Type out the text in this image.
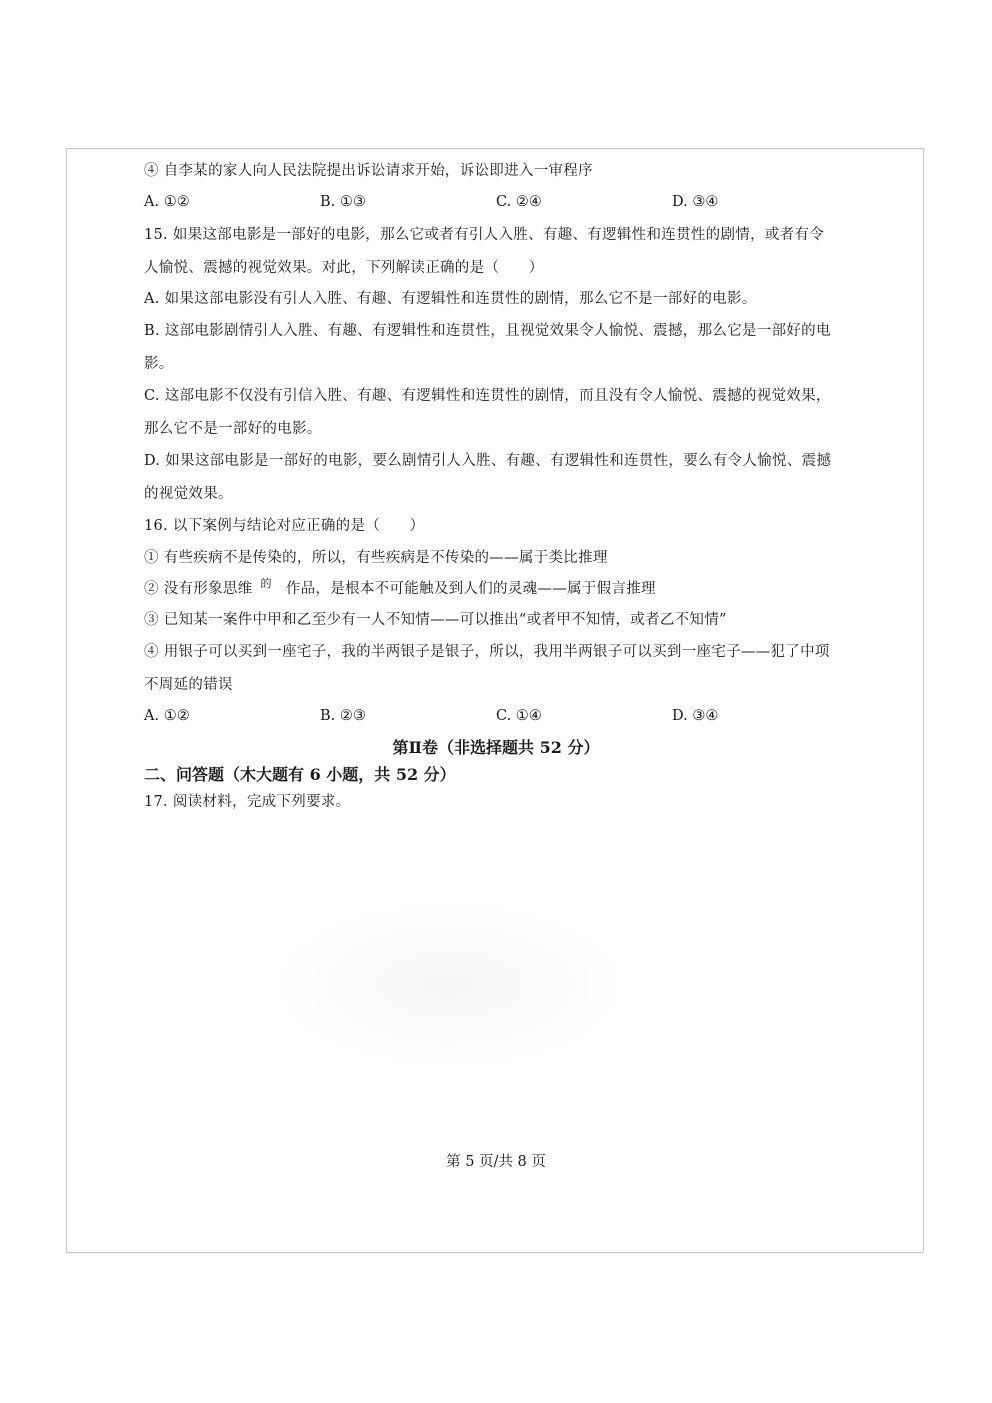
④ 自李某的家人向人民法院提出诉讼请求开始，诉讼即进入一审程序
A. ①②	B. ①③	C. ②④	D. ③④
15. 如果这部电影是一部好的电影，那么它或者有引人入胜、有趣、有逻辑性和连贯性的剧情，或者有令
人愉悦、震撼的视觉效果。对此，下列解读正确的是（　　）
A. 如果这部电影没有引人入胜、有趣、有逻辑性和连贯性的剧情，那么它不是一部好的电影。
B. 这部电影剧情引人入胜、有趣、有逻辑性和连贯性，且视觉效果令人愉悦、震撼，那么它是一部好的电
影。
C. 这部电影不仅没有引信入胜、有趣、有逻辑性和连贯性的剧情，而且没有令人愉悦、震撼的视觉效果，
那么它不是一部好的电影。
D. 如果这部电影是一部好的电影，要么剧情引人入胜、有趣、有逻辑性和连贯性，要么有令人愉悦、震撼
的视觉效果。
16. 以下案例与结论对应正确的是（　　）
① 有些疾病不是传染的，所以，有些疾病是不传染的——属于类比推理
② 没有形象思维 $^的$ 作品，是根本不可能触及到人们的灵魂——属于假言推理
③ 已知某一案件中甲和乙至少有一人不知情——可以推出“或者甲不知情，或者乙不知情”
④ 用银子可以买到一座宅子，我的半两银子是银子，所以，我用半两银子可以买到一座宅子——犯了中项
不周延的错误
A. ①②	B. ②③	C. ①④	D. ③④
第Ⅱ卷（非选择题共 52 分）
二、问答题（木大题有 6 小题，共 52 分）
17. 阅读材料，完成下列要求。
第 5 页/共 8 页
